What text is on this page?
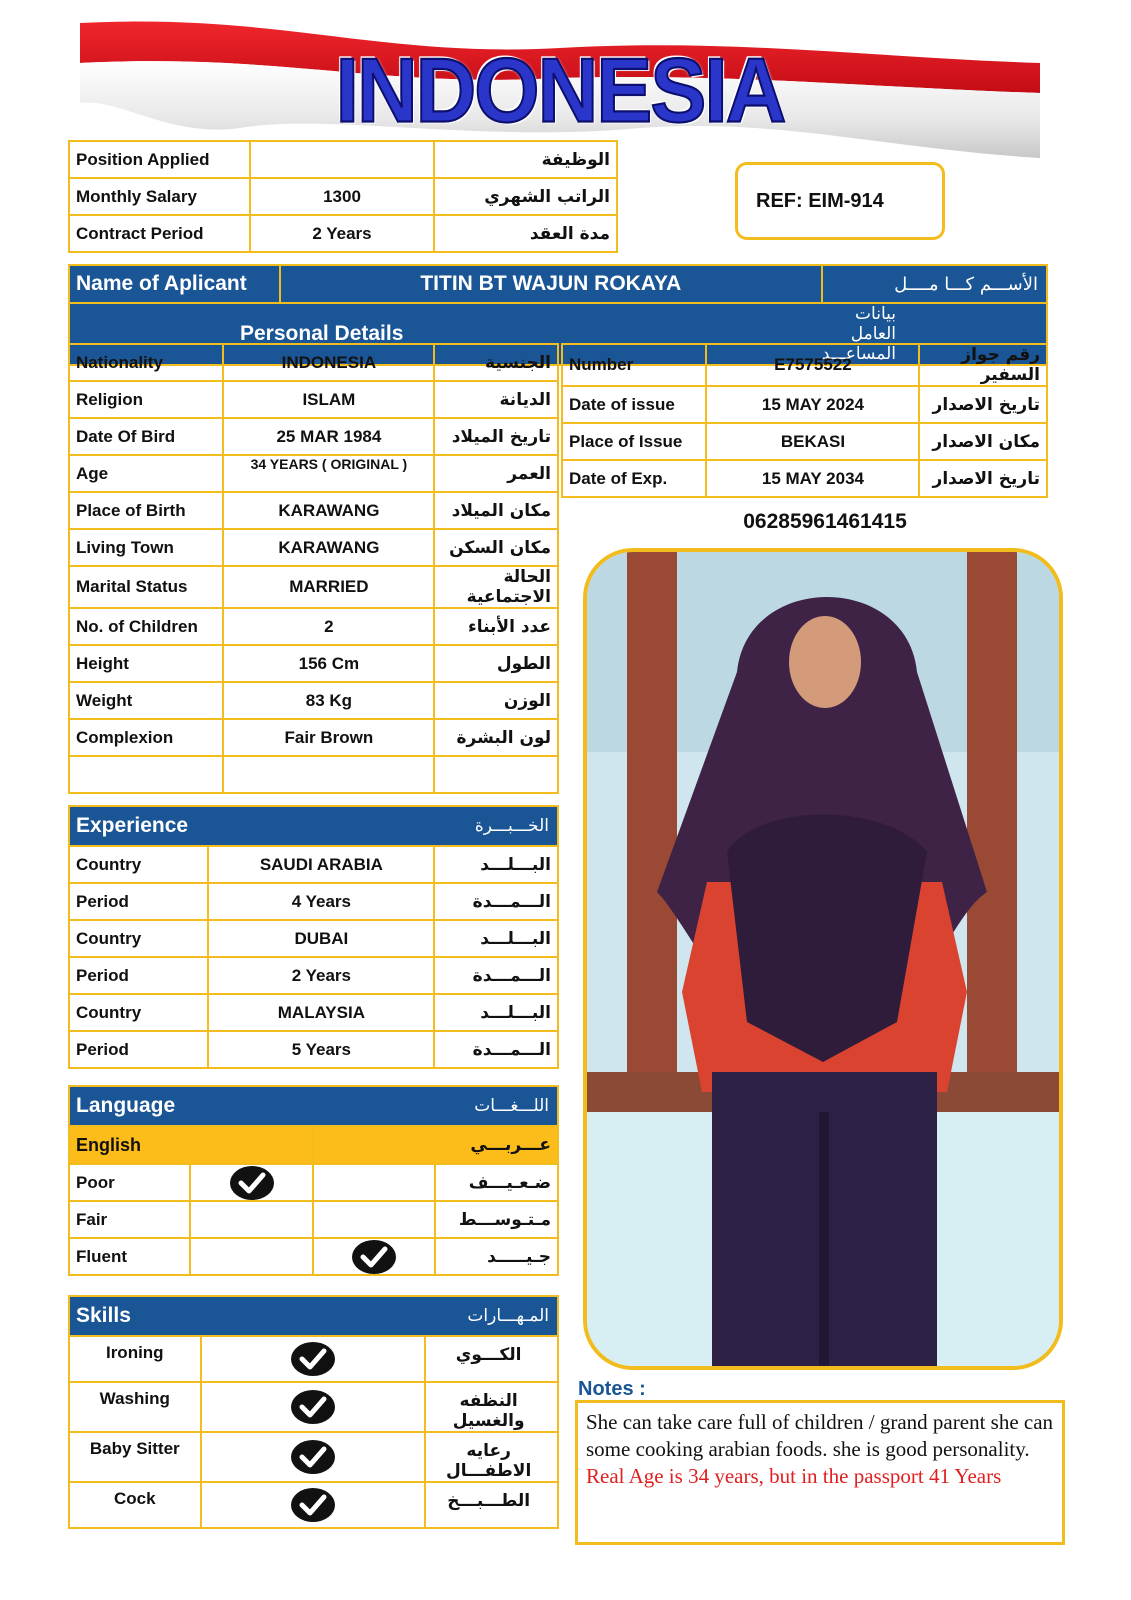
INDONESIA
Position Applied		الوظيفة
Monthly Salary	1300	الراتب الشهري
Contract Period	2 Years	مدة العقد
REF: EIM-914
Name of Aplicant	TITIN BT WAJUN ROKAYA	الأســـم كـــا مــــل
Personal Details		بيانات العامل المساعـــد
Nationality	INDONESIA	الجنسية
Religion	ISLAM	الديانة
Date Of Bird	25 MAR 1984	تاريخ الميلاد
Age	34 YEARS ( ORIGINAL )	العمر
Place of Birth	KARAWANG	مكان الميلاد
Living Town	KARAWANG	مكان السكن
Marital Status	MARRIED	الحالة الاجتماعية
No. of Children	2	عدد الأبناء
Height	156 Cm	الطول
Weight	83 Kg	الوزن
Complexion	Fair Brown	لون البشرة

Number	E7575522	رقم جواز السفير
Date of issue	15 MAY 2024	تاريخ الاصدار
Place of Issue	BEKASI	مكان الاصدار
Date of Exp.	15 MAY 2034	تاريخ الاصدار
06285961461415
Experience		الخـــبـــرة
Country	SAUDI ARABIA	البـــلـــد
Period	4 Years	الـــمـــدة
Country	DUBAI	البـــلـــد
Period	2 Years	الـــمـــدة
Country	MALAYSIA	البـــلـــد
Period	5 Years	الـــمـــدة
Language		اللـــغـــات	
English		عـــربـــي	
Poor			ضـعـيـــف
Fair			مـتـوســـط
Fluent			جـيـــــد
Skills		المـهـــارات
Ironing		الكـــوي
Washing		النظفه والغسيل
Baby Sitter		رعايه الاطفـــال
Cock		الطـــبـــخ
Notes :
She can take care full of children / grand parent she can some cooking arabian foods. she is good personality.
Real Age is 34 years, but in the passport 41 Years
